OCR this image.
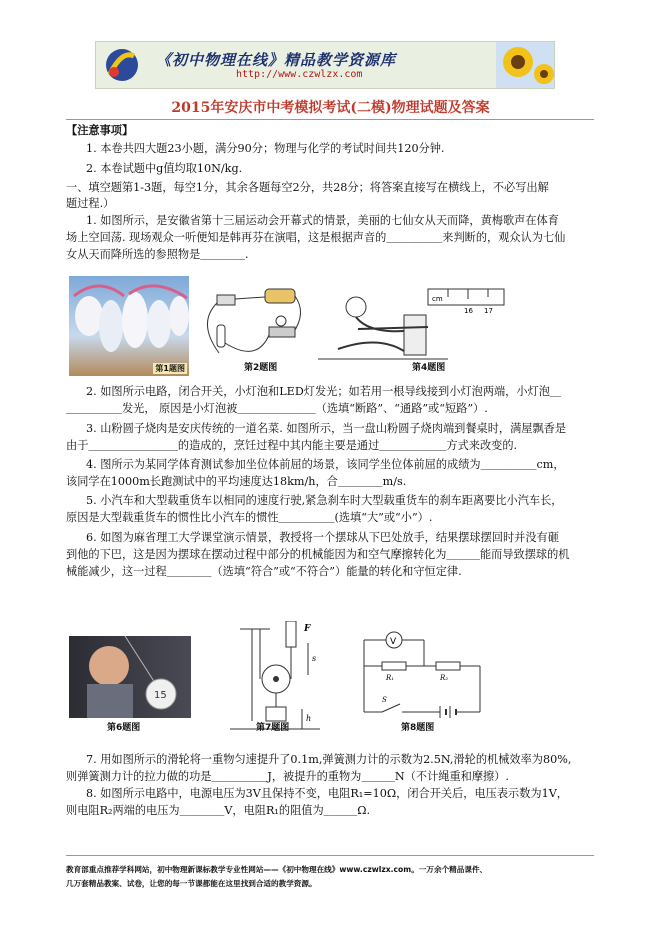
《初中物理在线》精品教学资源库
http://www.czwlzx.com
2015年安庆市中考模拟考试(二模)物理试题及答案
【注意事项】
1. 本卷共四大题23小题，满分90分；物理与化学的考试时间共120分钟.
2. 本卷试题中g值均取10N/kg.
一、填空题第1-3题，每空1分，其余各题每空2分，共28分；将答案直接写在横线上，不必写出解
题过程.）
1. 如图所示，是安徽省第十三届运动会开幕式的情景，美丽的七仙女从天而降，黄梅歌声在体育
场上空回荡. 现场观众一听便知是韩再芬在演唱，这是根据声音的＿＿＿＿＿来判断的，观众认为七仙
女从天而降所选的参照物是＿＿＿＿.
第1题图	第2题图
cm
16 17
第4题图
2. 如图所示电路，闭合开关，小灯泡和LED灯发光；如若用一根导线接到小灯泡两端，小灯泡＿
＿＿＿＿＿发光， 原因是小灯泡被＿＿＿＿＿＿＿（选填“断路”、“通路”或“短路”）.
3. 山粉圆子烧肉是安庆传统的一道名菜. 如图所示，当一盘山粉圆子烧肉端到餐桌时，满屋飘香是
由于＿＿＿＿＿＿＿＿的造成的，烹饪过程中其内能主要是通过＿＿＿＿＿＿方式来改变的.
4. 图所示为某同学体育测试参加坐位体前屈的场景，该同学坐位体前屈的成绩为＿＿＿＿＿cm，
该同学在1000m长跑测试中的平均速度达18km/h，合＿＿＿＿m/s.
5. 小汽车和大型载重货车以相同的速度行驶,紧急刹车时大型载重货车的刹车距离要比小汽车长，
原因是大型载重货车的惯性比小汽车的惯性＿＿＿＿＿(选填“大”或“小”）.
6. 如图为麻省理工大学课堂演示情景，教授将一个摆球从下巴处放手，结果摆球摆回时并没有砸
到他的下巴，这是因为摆球在摆动过程中部分的机械能因为和空气摩擦转化为＿＿＿能而导致摆球的机
械能减少，这一过程＿＿＿＿（选填“符合”或“不符合”）能量的转化和守恒定律.
15
第6题图
F
s
h
第7题图
V
R₁	R₂
S
第8题图
7. 用如图所示的滑轮将一重物匀速提升了0.1m,弹簧测力计的示数为2.5N,滑轮的机械效率为80%,
则弹簧测力计的拉力做的功是＿＿＿＿＿J，被提升的重物为＿＿＿N（不计绳重和摩擦）.
8. 如图所示电路中，电源电压为3V且保持不变，电阻R₁=10Ω，闭合开关后，电压表示数为1V，
则电阻R₂两端的电压为＿＿＿＿V，电阻R₁的阻值为＿＿＿Ω.
教育部重点推荐学科网站，初中物理新课标教学专业性网站——《初中物理在线》www.czwlzx.com。一万余个精品课件、
几万套精品教案、试卷，让您的每一节课都能在这里找到合适的教学资源。
